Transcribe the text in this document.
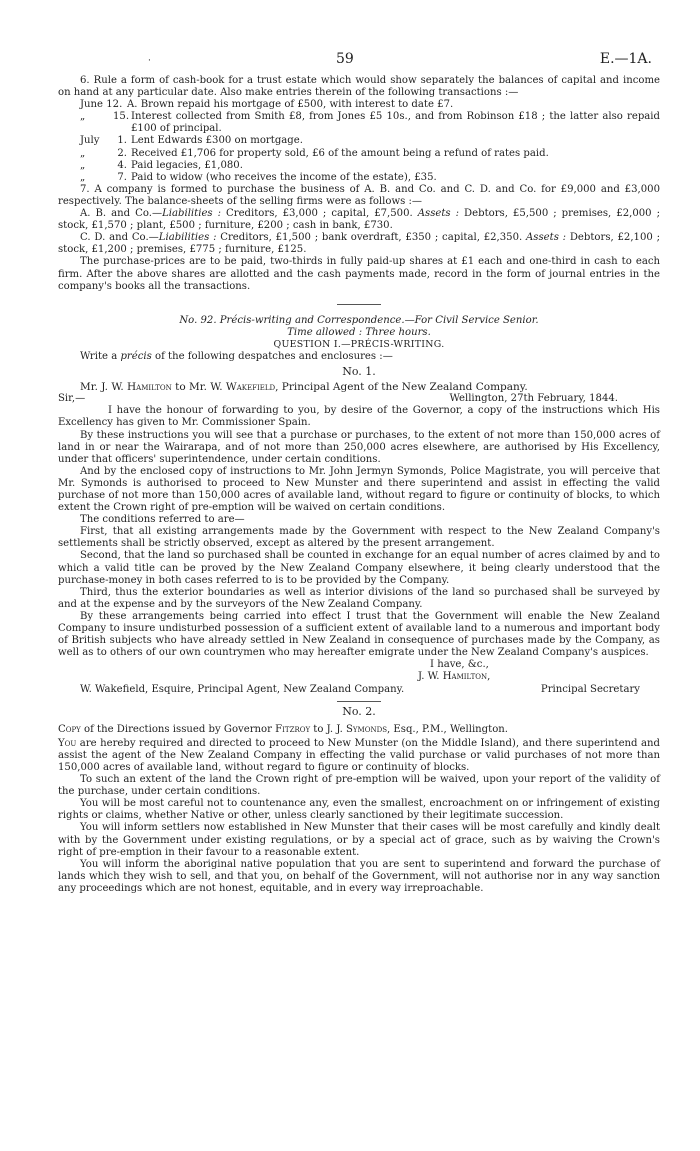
·	59	E.—1A.

6. Rule a form of cash-book for a trust estate which would show separately the balances of capital and income on hand at any particular date. Also make entries therein of the following transactions :—

June 12. A. Brown repaid his mortgage of £500, with interest to date £7.
„	15. Interest collected from Smith £8, from Jones £5 10s., and from Robinson £18 ; the latter also repaid £100 of principal.
July	1. Lent Edwards £300 on mortgage.
„	2. Received £1,706 for property sold, £6 of the amount being a refund of rates paid.
„	4. Paid legacies, £1,080.
„	7. Paid to widow (who receives the income of the estate), £35.

7. A company is formed to purchase the business of A. B. and Co. and C. D. and Co. for £9,000 and £3,000 respectively. The balance-sheets of the selling firms were as follows :—

A. B. and Co.—Liabilities : Creditors, £3,000 ; capital, £7,500. Assets : Debtors, £5,500 ; premises, £2,000 ; stock, £1,570 ; plant, £500 ; furniture, £200 ; cash in bank, £730.

C. D. and Co.—Liabilities : Creditors, £1,500 ; bank overdraft, £350 ; capital, £2,350. Assets : Debtors, £2,100 ; stock, £1,200 ; premises, £775 ; furniture, £125.

The purchase-prices are to be paid, two-thirds in fully paid-up shares at £1 each and one-third in cash to each firm. After the above shares are allotted and the cash payments made, record in the form of journal entries in the company's books all the transactions.

No. 92. Précis-writing and Correspondence.—For Civil Service Senior.

Time allowed : Three hours.

QUESTION I.—PRÉCIS-WRITING.

Write a précis of the following despatches and enclosures :—

No. 1.

Mr. J. W. Hamilton to Mr. W. Wakefield, Principal Agent of the New Zealand Company.

Sir,—	Wellington, 27th February, 1844.

I have the honour of forwarding to you, by desire of the Governor, a copy of the instructions which His Excellency has given to Mr. Commissioner Spain.

By these instructions you will see that a purchase or purchases, to the extent of not more than 150,000 acres of land in or near the Wairarapa, and of not more than 250,000 acres elsewhere, are authorised by His Excellency, under that officers' superintendence, under certain conditions.

And by the enclosed copy of instructions to Mr. John Jermyn Symonds, Police Magistrate, you will perceive that Mr. Symonds is authorised to proceed to New Munster and there superintend and assist in effecting the valid purchase of not more than 150,000 acres of available land, without regard to figure or continuity of blocks, to which extent the Crown right of pre-emption will be waived on certain conditions.

The conditions referred to are—

First, that all existing arrangements made by the Government with respect to the New Zealand Company's settlements shall be strictly observed, except as altered by the present arrangement.

Second, that the land so purchased shall be counted in exchange for an equal number of acres claimed by and to which a valid title can be proved by the New Zealand Company elsewhere, it being clearly understood that the purchase-money in both cases referred to is to be provided by the Company.

Third, thus the exterior boundaries as well as interior divisions of the land so purchased shall be surveyed by and at the expense and by the surveyors of the New Zealand Company.

By these arrangements being carried into effect I trust that the Government will enable the New Zealand Company to insure undisturbed possession of a sufficient extent of available land to a numerous and important body of British subjects who have already settled in New Zealand in consequence of purchases made by the Company, as well as to others of our own countrymen who may hereafter emigrate under the New Zealand Company's auspices.

I have, &c.,

J. W. Hamilton,

W. Wakefield, Esquire, Principal Agent, New Zealand Company.	Principal Secretary

No. 2.

Copy of the Directions issued by Governor Fitzroy to J. J. Symonds, Esq., P.M., Wellington.

You are hereby required and directed to proceed to New Munster (on the Middle Island), and there superintend and assist the agent of the New Zealand Company in effecting the valid purchase or valid purchases of not more than 150,000 acres of available land, without regard to figure or continuity of blocks.

To such an extent of the land the Crown right of pre-emption will be waived, upon your report of the validity of the purchase, under certain conditions.

You will be most careful not to countenance any, even the smallest, encroachment on or infringement of existing rights or claims, whether Native or other, unless clearly sanctioned by their legitimate succession.

You will inform settlers now established in New Munster that their cases will be most carefully and kindly dealt with by the Government under existing regulations, or by a special act of grace, such as by waiving the Crown's right of pre-emption in their favour to a reasonable extent.

You will inform the aboriginal native population that you are sent to superintend and forward the purchase of lands which they wish to sell, and that you, on behalf of the Government, will not authorise nor in any way sanction any proceedings which are not honest, equitable, and in every way irreproachable.
